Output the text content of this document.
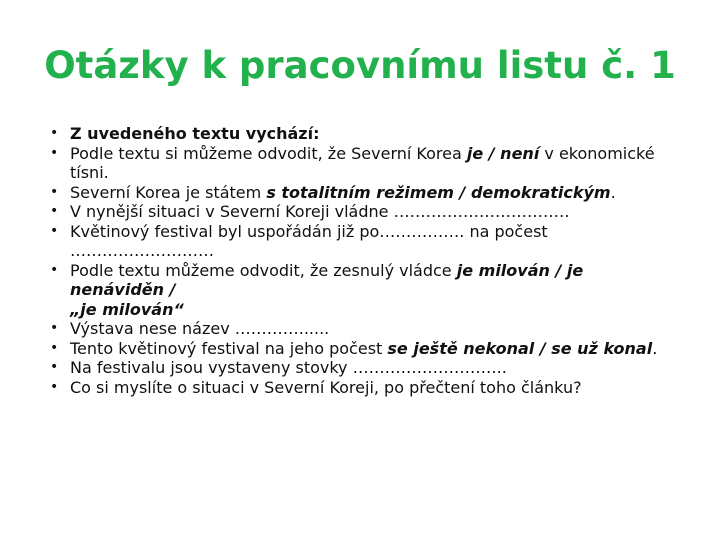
Otázky k pracovnímu listu č. 1
• Z uvedeného textu vychází:
• Podle textu si můžeme odvodit, že Severní Korea je / není v ekonomické tísni.
• Severní Korea je státem s totalitním režimem / demokratickým.
• V nynější situaci v Severní Koreji vládne ……………………………
• Květinový festival byl uspořádán již po……………. na počest ………………………
• Podle textu můžeme odvodit, že zesnulý vládce je milován / je nenáviděn /
„je milován“
• Výstava nese název …………......
• Tento květinový festival na jeho počest se ještě nekonal / se už konal.
• Na festivalu jsou vystaveny stovky ………………………..
• Co si myslíte o situaci v Severní Koreji, po přečtení toho článku?
